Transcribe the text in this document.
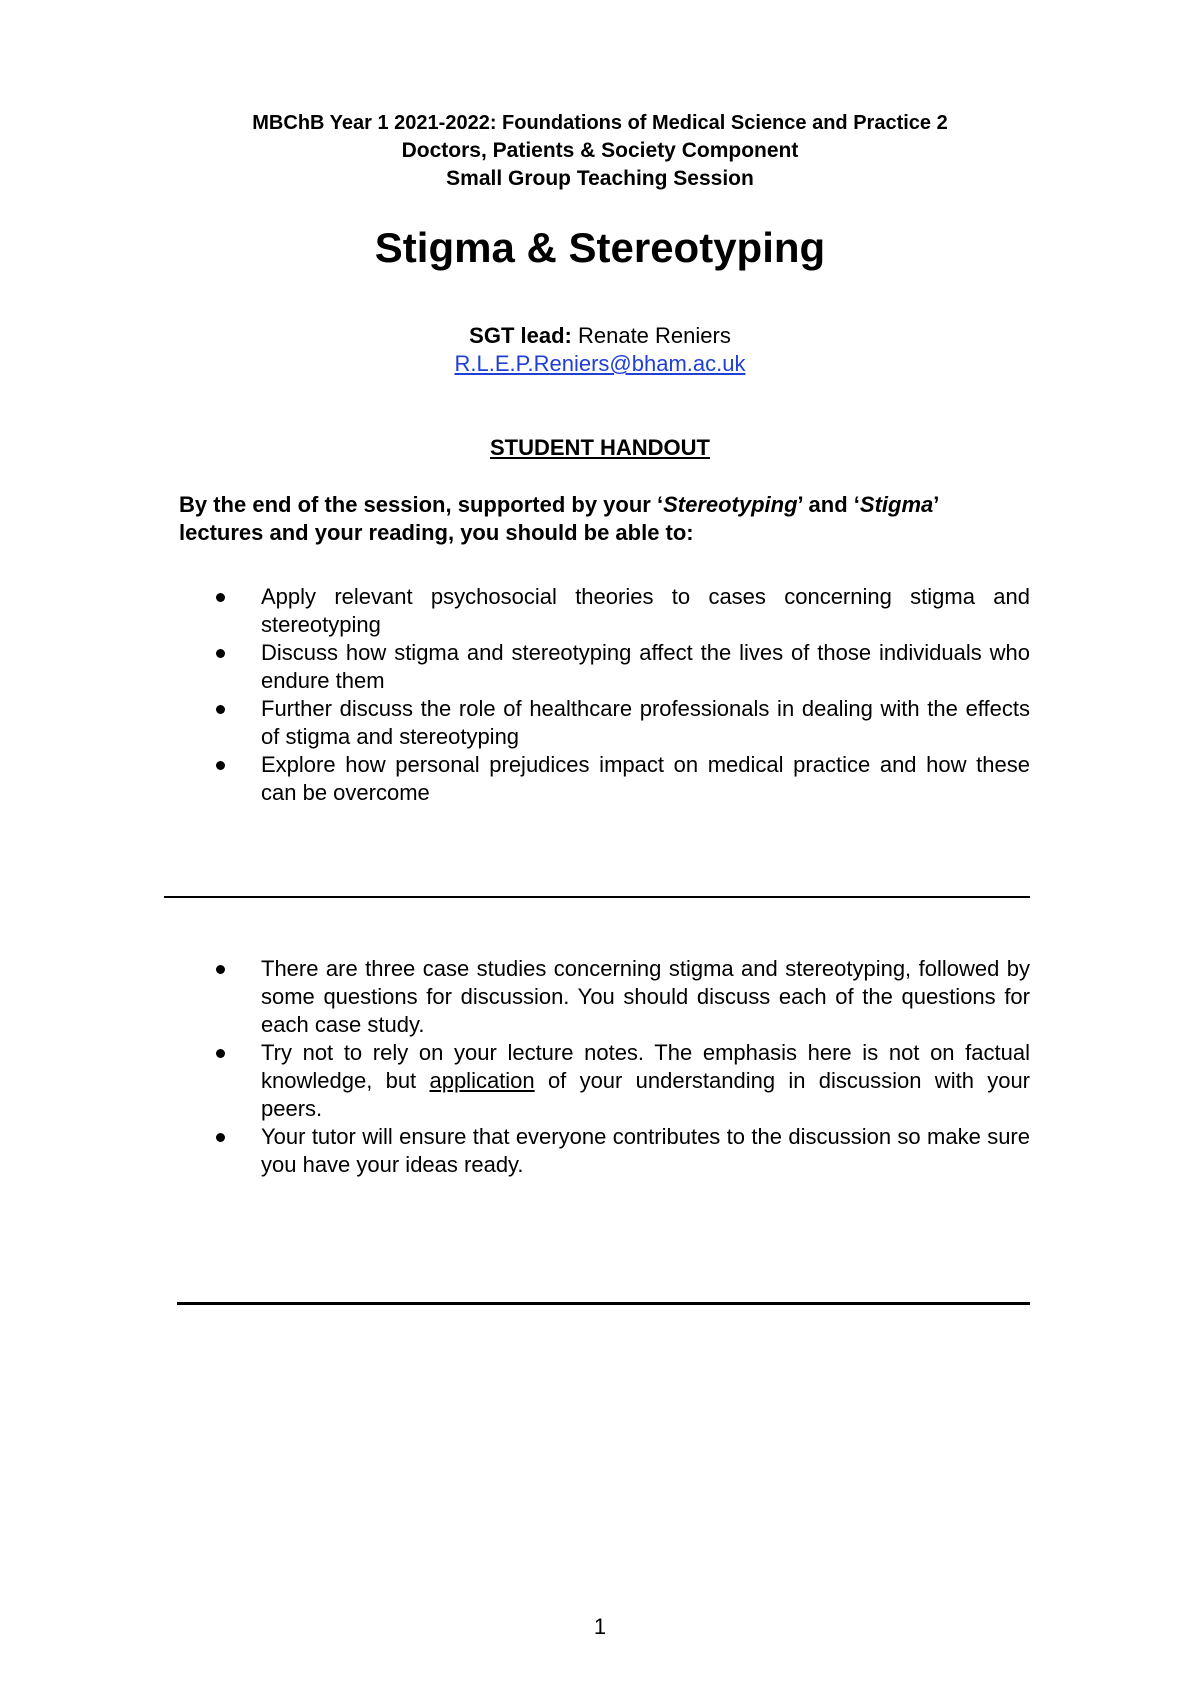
MBChB Year 1 2021-2022: Foundations of Medical Science and Practice 2
Doctors, Patients & Society Component
Small Group Teaching Session
Stigma & Stereotyping
SGT lead: Renate Reniers
R.L.E.P.Reniers@bham.ac.uk
STUDENT HANDOUT
By the end of the session, supported by your ‘Stereotyping’ and ‘Stigma’
lectures and your reading, you should be able to:
Apply relevant psychosocial theories to cases concerning stigma and stereotyping
Discuss how stigma and stereotyping affect the lives of those individuals who endure them
Further discuss the role of healthcare professionals in dealing with the effects of stigma and stereotyping
Explore how personal prejudices impact on medical practice and how these can be overcome
There are three case studies concerning stigma and stereotyping, followed by some questions for discussion. You should discuss each of the questions for each case study.
Try not to rely on your lecture notes. The emphasis here is not on factual knowledge, but application of your understanding in discussion with your peers.
Your tutor will ensure that everyone contributes to the discussion so make sure you have your ideas ready.
1
